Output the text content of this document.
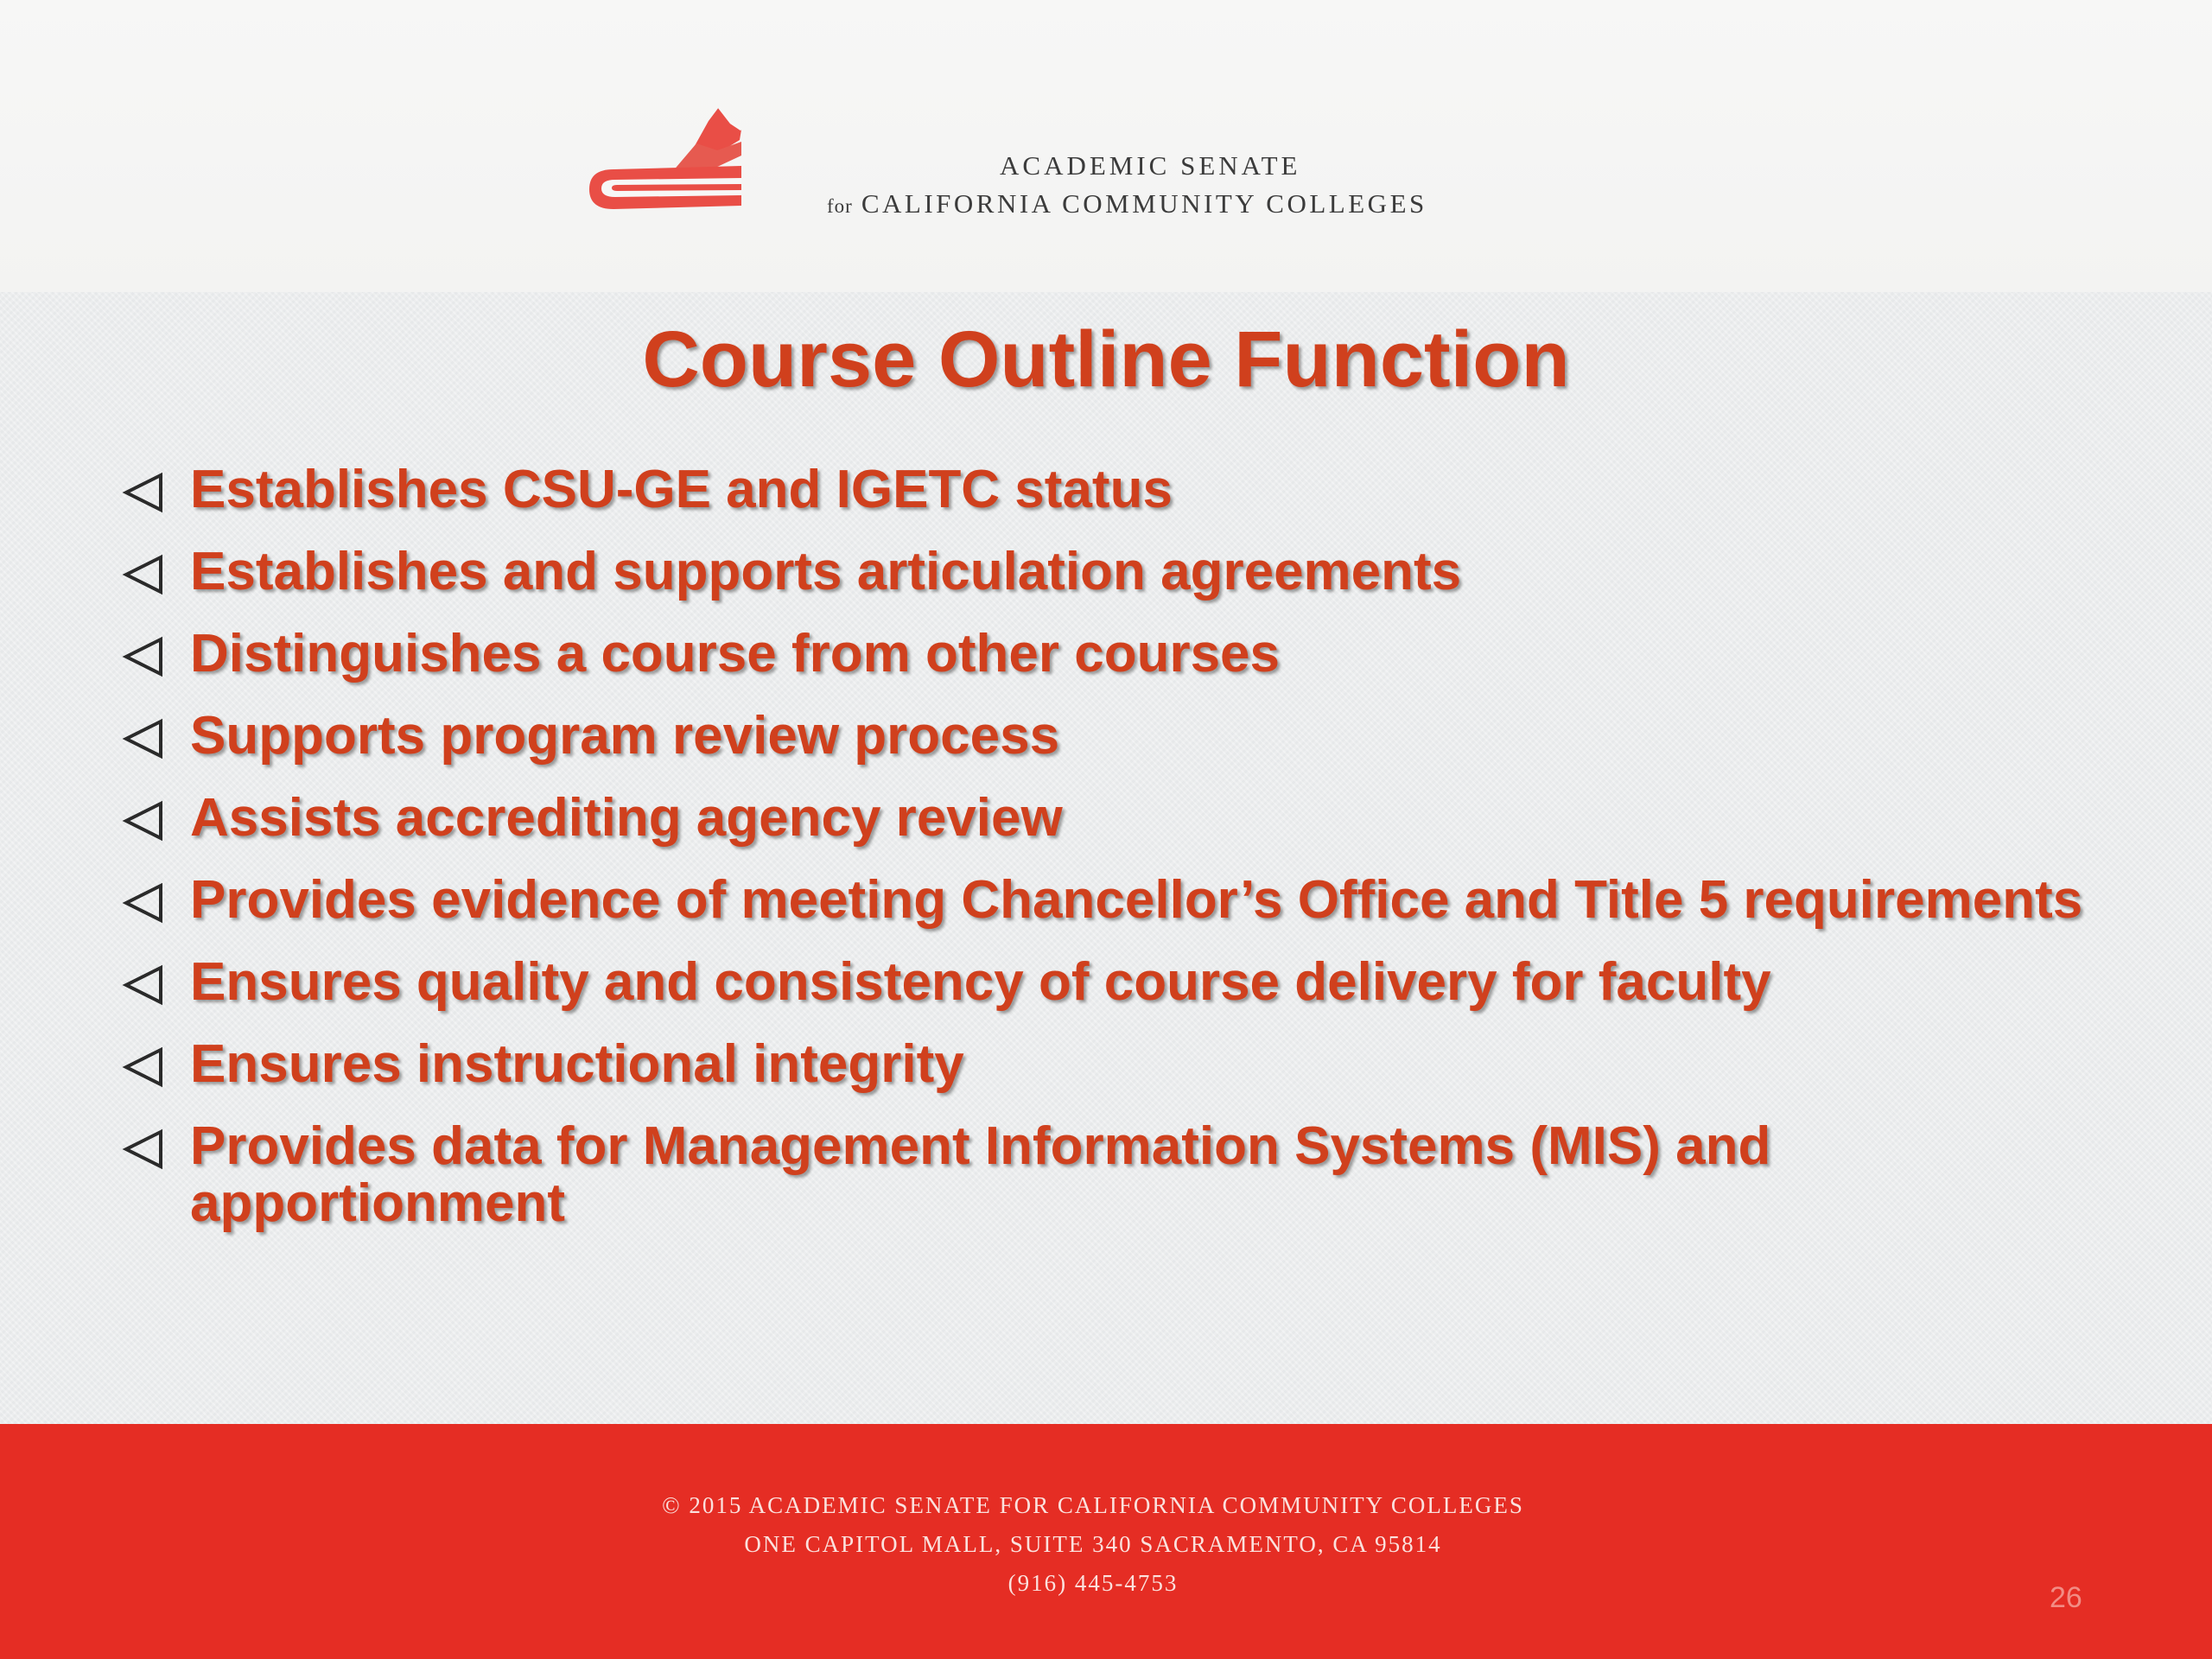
ACADEMIC SENATE
for CALIFORNIA COMMUNITY COLLEGES
Course Outline Function
Establishes CSU-GE and IGETC status
Establishes and supports articulation agreements
Distinguishes a course from other courses
Supports program review process
Assists accrediting agency review
Provides evidence of meeting Chancellor’s Office and Title 5 requirements
Ensures quality and consistency of course delivery for faculty
Ensures instructional integrity
Provides data for Management Information Systems (MIS) and apportionment
© 2015 ACADEMIC SENATE FOR CALIFORNIA COMMUNITY COLLEGES
ONE CAPITOL MALL, SUITE 340 SACRAMENTO, CA 95814
(916) 445-4753	26
